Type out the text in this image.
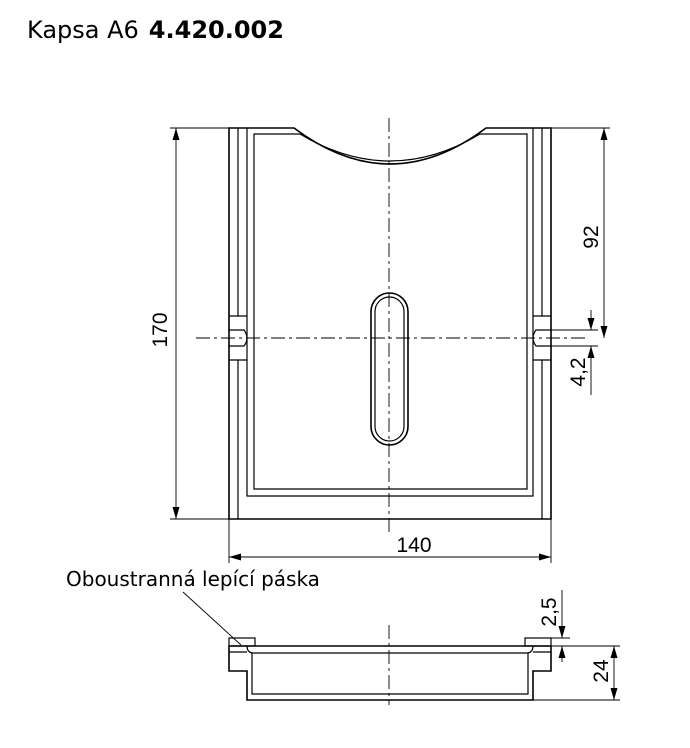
Kapsa A6 4.420.002
170
92
4,2
140
2,5
24
Oboustranná lepící páska
